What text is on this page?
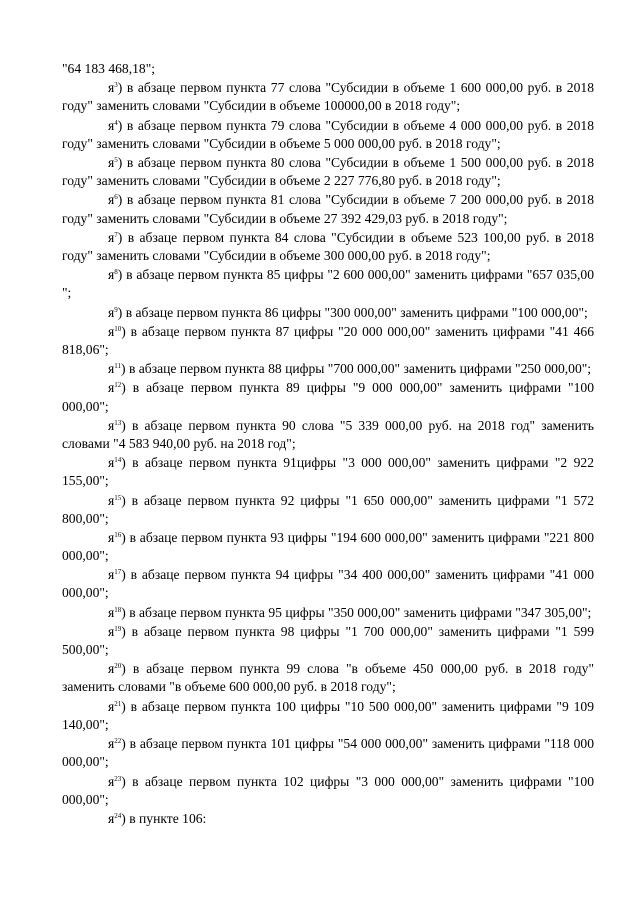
"64 183 468,18";

$я^3$) в абзаце первом пункта 77 слова "Субсидии в объеме 1 600 000,00 руб. в 2018 году" заменить словами "Субсидии в объеме 100000,00 в 2018 году";

$я^4$) в абзаце первом пункта 79 слова "Субсидии в объеме 4 000 000,00 руб. в 2018 году" заменить словами "Субсидии в объеме 5 000 000,00 руб. в 2018 году";

$я^5$) в абзаце первом пункта 80 слова "Субсидии в объеме 1 500 000,00 руб. в 2018 году" заменить словами "Субсидии в объеме 2 227 776,80 руб. в 2018 году";

$я^6$) в абзаце первом пункта 81 слова "Субсидии в объеме 7 200 000,00 руб. в 2018 году" заменить словами "Субсидии в объеме 27 392 429,03 руб. в 2018 году";

$я^7$) в абзаце первом пункта 84 слова "Субсидии в объеме 523 100,00 руб. в 2018 году" заменить словами "Субсидии в объеме 300 000,00 руб. в 2018 году";

$я^8$) в абзаце первом пункта 85 цифры "2 600 000,00" заменить цифрами "657 035,00 ";

$я^9$) в абзаце первом пункта 86 цифры "300 000,00" заменить цифрами "100 000,00";

$я^{10}$) в абзаце первом пункта 87 цифры "20 000 000,00" заменить цифрами "41 466 818,06";

$я^{11}$) в абзаце первом пункта 88 цифры "700 000,00" заменить цифрами "250 000,00";

$я^{12}$) в абзаце первом пункта 89 цифры "9 000 000,00" заменить цифрами "100 000,00";

$я^{13}$) в абзаце первом пункта 90 слова "5 339 000,00 руб. на 2018 год" заменить словами "4 583 940,00 руб. на 2018 год";

$я^{14}$) в абзаце первом пункта 91цифры "3 000 000,00" заменить цифрами "2 922 155,00";

$я^{15}$) в абзаце первом пункта 92 цифры "1 650 000,00" заменить цифрами "1 572 800,00";

$я^{16}$) в абзаце первом пункта 93 цифры "194 600 000,00" заменить цифрами "221 800 000,00";

$я^{17}$) в абзаце первом пункта 94 цифры "34 400 000,00" заменить цифрами "41 000 000,00";

$я^{18}$) в абзаце первом пункта 95 цифры "350 000,00" заменить цифрами "347 305,00";

$я^{19}$) в абзаце первом пункта 98 цифры "1 700 000,00" заменить цифрами "1 599 500,00";

$я^{20}$) в абзаце первом пункта 99 слова "в объеме 450 000,00 руб. в 2018 году" заменить словами "в объеме 600 000,00 руб. в 2018 году";

$я^{21}$) в абзаце первом пункта 100 цифры "10 500 000,00" заменить цифрами "9 109 140,00";

$я^{22}$) в абзаце первом пункта 101 цифры "54 000 000,00" заменить цифрами "118 000 000,00";

$я^{23}$) в абзаце первом пункта 102 цифры "3 000 000,00" заменить цифрами "100 000,00";

$я^{24}$) в пункте 106:
